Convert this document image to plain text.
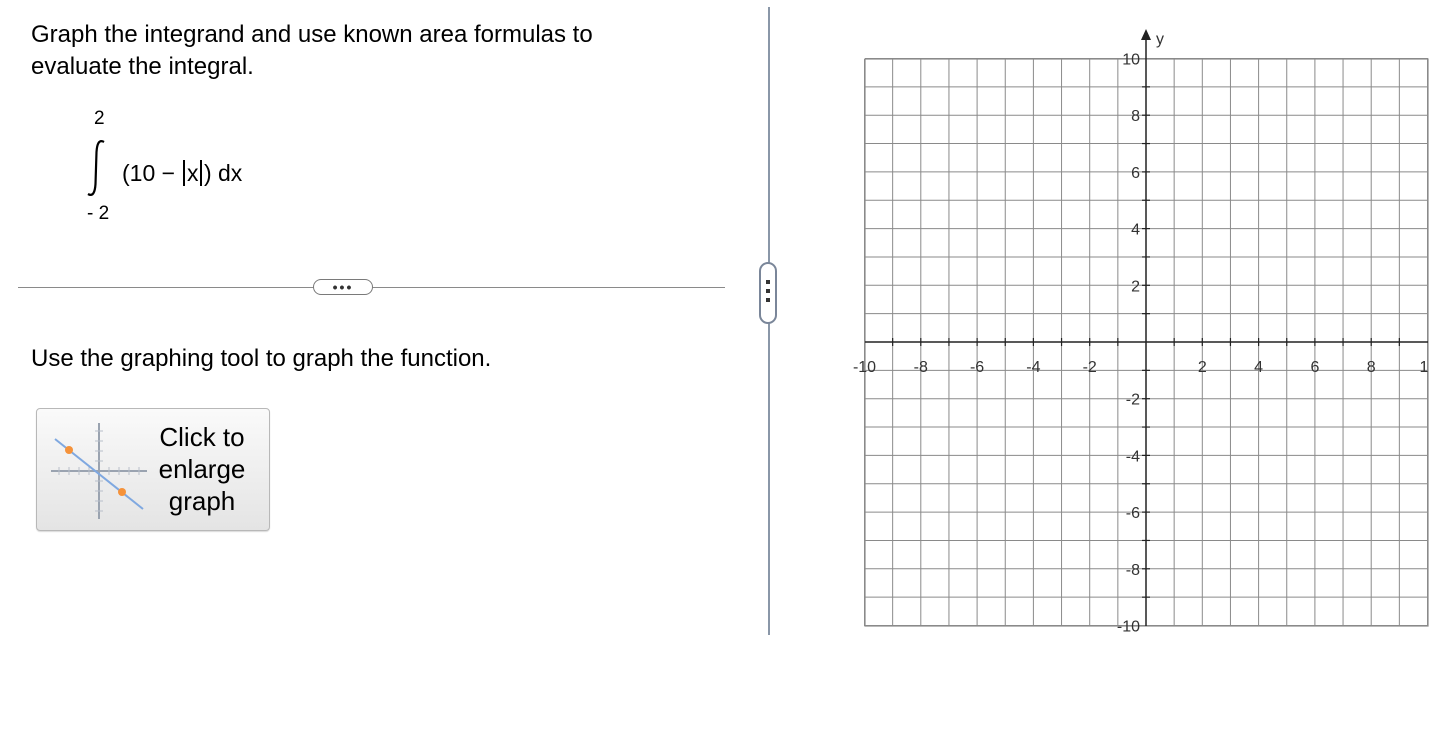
Graph the integrand and use known area formulas to evaluate the integral.

2
(10 − x ) dx
- 2
•••

Use the graphing tool to graph the function.

Click to enlarge graph
y
-10 -8	-6	-4	-2	2	4	6	8	1
10
8
6
4
2
-2
-4
-6
-8
-10
